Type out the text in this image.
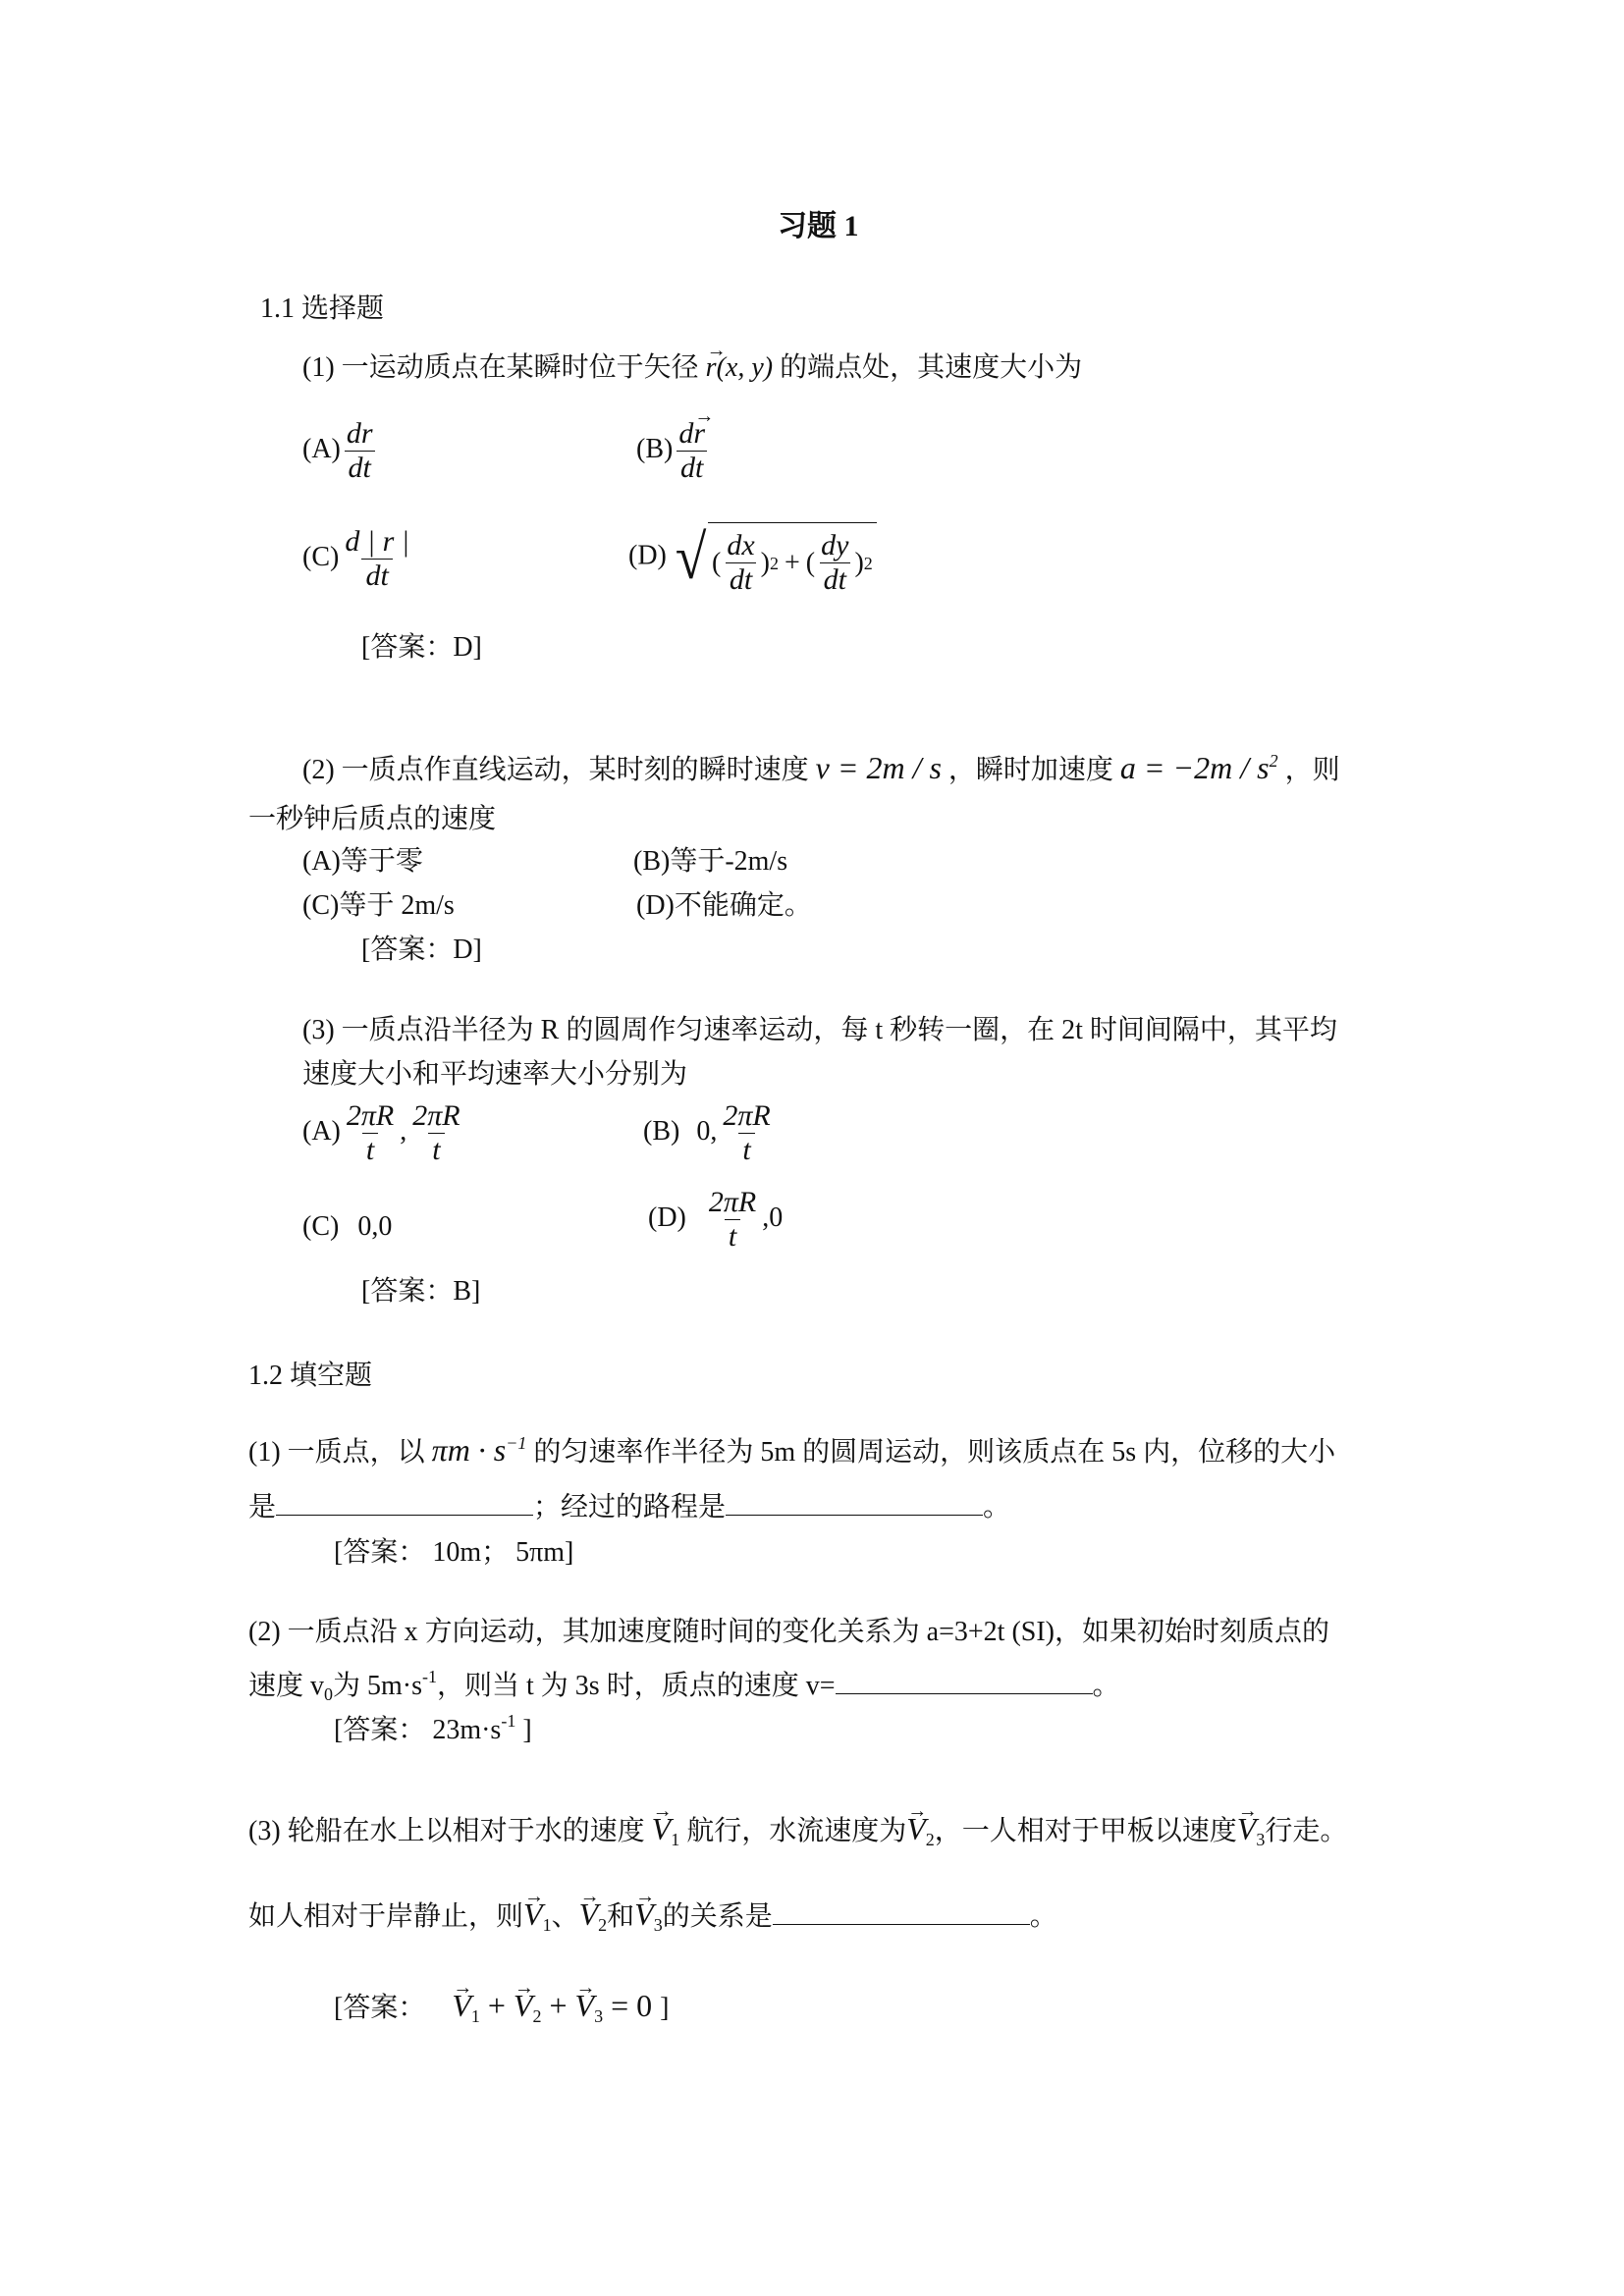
习题 1
1.1 选择题
(1) 一运动质点在某瞬时位于矢径 → r(x, y) 的端点处，其速度大小为
$(A) \frac{dr}{dt}$	$(B) \frac{d\to r}{dt}$
$(C) \frac{d | r |}{dt}$	(D) √ ( $\frac{dx}{dt}$ ) 2 + ( $\frac{dy}{dt}$ ) 2
[答案：D]
(2) 一质点作直线运动，某时刻的瞬时速度 v = 2m / s ，瞬时加速度 $a = -2m / s^2$ ，则
一秒钟后质点的速度
(A)等于零	(B)等于-2m/s
(C)等于 2m/s	(D)不能确定。
[答案：D]
(3) 一质点沿半径为 R 的圆周作匀速率运动，每 t 秒转一圈，在 2t 时间间隔中，其平均
速度大小和平均速率大小分别为
$(A) \frac{2\pi R}{t}$ , $\frac{2\pi R}{t}$	(B) 0, $\frac{2\pi R}{t}$
(C) 0,0	$(D) \frac{2\pi R}{t} ,0$
[答案：B]
1.2 填空题
(1) 一质点，以 $\pi m \cdot s^{-1}$ 的匀速率作半径为 5m 的圆周运动，则该质点在 5s 内，位移的大小
是	；经过的路程是	。
[答案： 10m； 5πm]
(2) 一质点沿 x 方向运动，其加速度随时间的变化关系为 a=3+2t (SI)，如果初始时刻质点的
速度 $v_0$为 $5m\cdot s^{-1}$，则当 t 为 3s 时，质点的速度 v=	。
[答案： $23m\cdot s^{-1}$ ]
(3) 轮船在水上以相对于水的速度 → $V_1$ 航行，水流速度为→ $V_2$，一人相对于甲板以速度→ $V_3$行走。
如人相对于岸静止，则→ $V_1$、→ $V_2$和→ $V_3$的关系是	。
[答案： → $V_1$ + → $V_2$ + → $V_3 = 0$ ]
